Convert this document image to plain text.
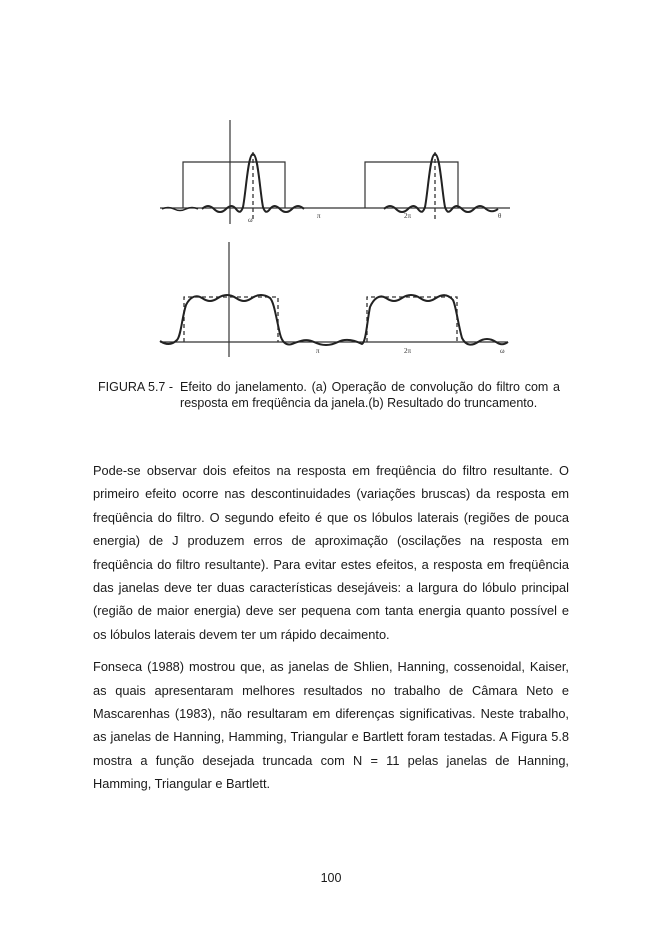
ω	π	2π	θ
π	2π	ω
FIGURA 5.7 - Efeito do janelamento. (a) Operação de convolução do filtro com a resposta em freqüência da janela.(b) Resultado do truncamento.

Pode-se observar dois efeitos na resposta em freqüência do filtro resultante. O primeiro efeito ocorre nas descontinuidades (variações bruscas) da resposta em freqüência do filtro. O segundo efeito é que os lóbulos laterais (regiões de pouca energia) de J produzem erros de aproximação (oscilações na resposta em freqüência do filtro resultante). Para evitar estes efeitos, a resposta em freqüência das janelas deve ter duas características desejáveis: a largura do lóbulo principal (região de maior energia) deve ser pequena com tanta energia quanto possível e os lóbulos laterais devem ter um rápido decaimento.

Fonseca (1988) mostrou que, as janelas de Shlien, Hanning, cossenoidal, Kaiser, as quais apresentaram melhores resultados no trabalho de Câmara Neto e Mascarenhas (1983), não resultaram em diferenças significativas. Neste trabalho, as janelas de Hanning, Hamming, Triangular e Bartlett foram testadas. A Figura 5.8 mostra a função desejada truncada com N = 11 pelas janelas de Hanning, Hamming, Triangular e Bartlett.

100
